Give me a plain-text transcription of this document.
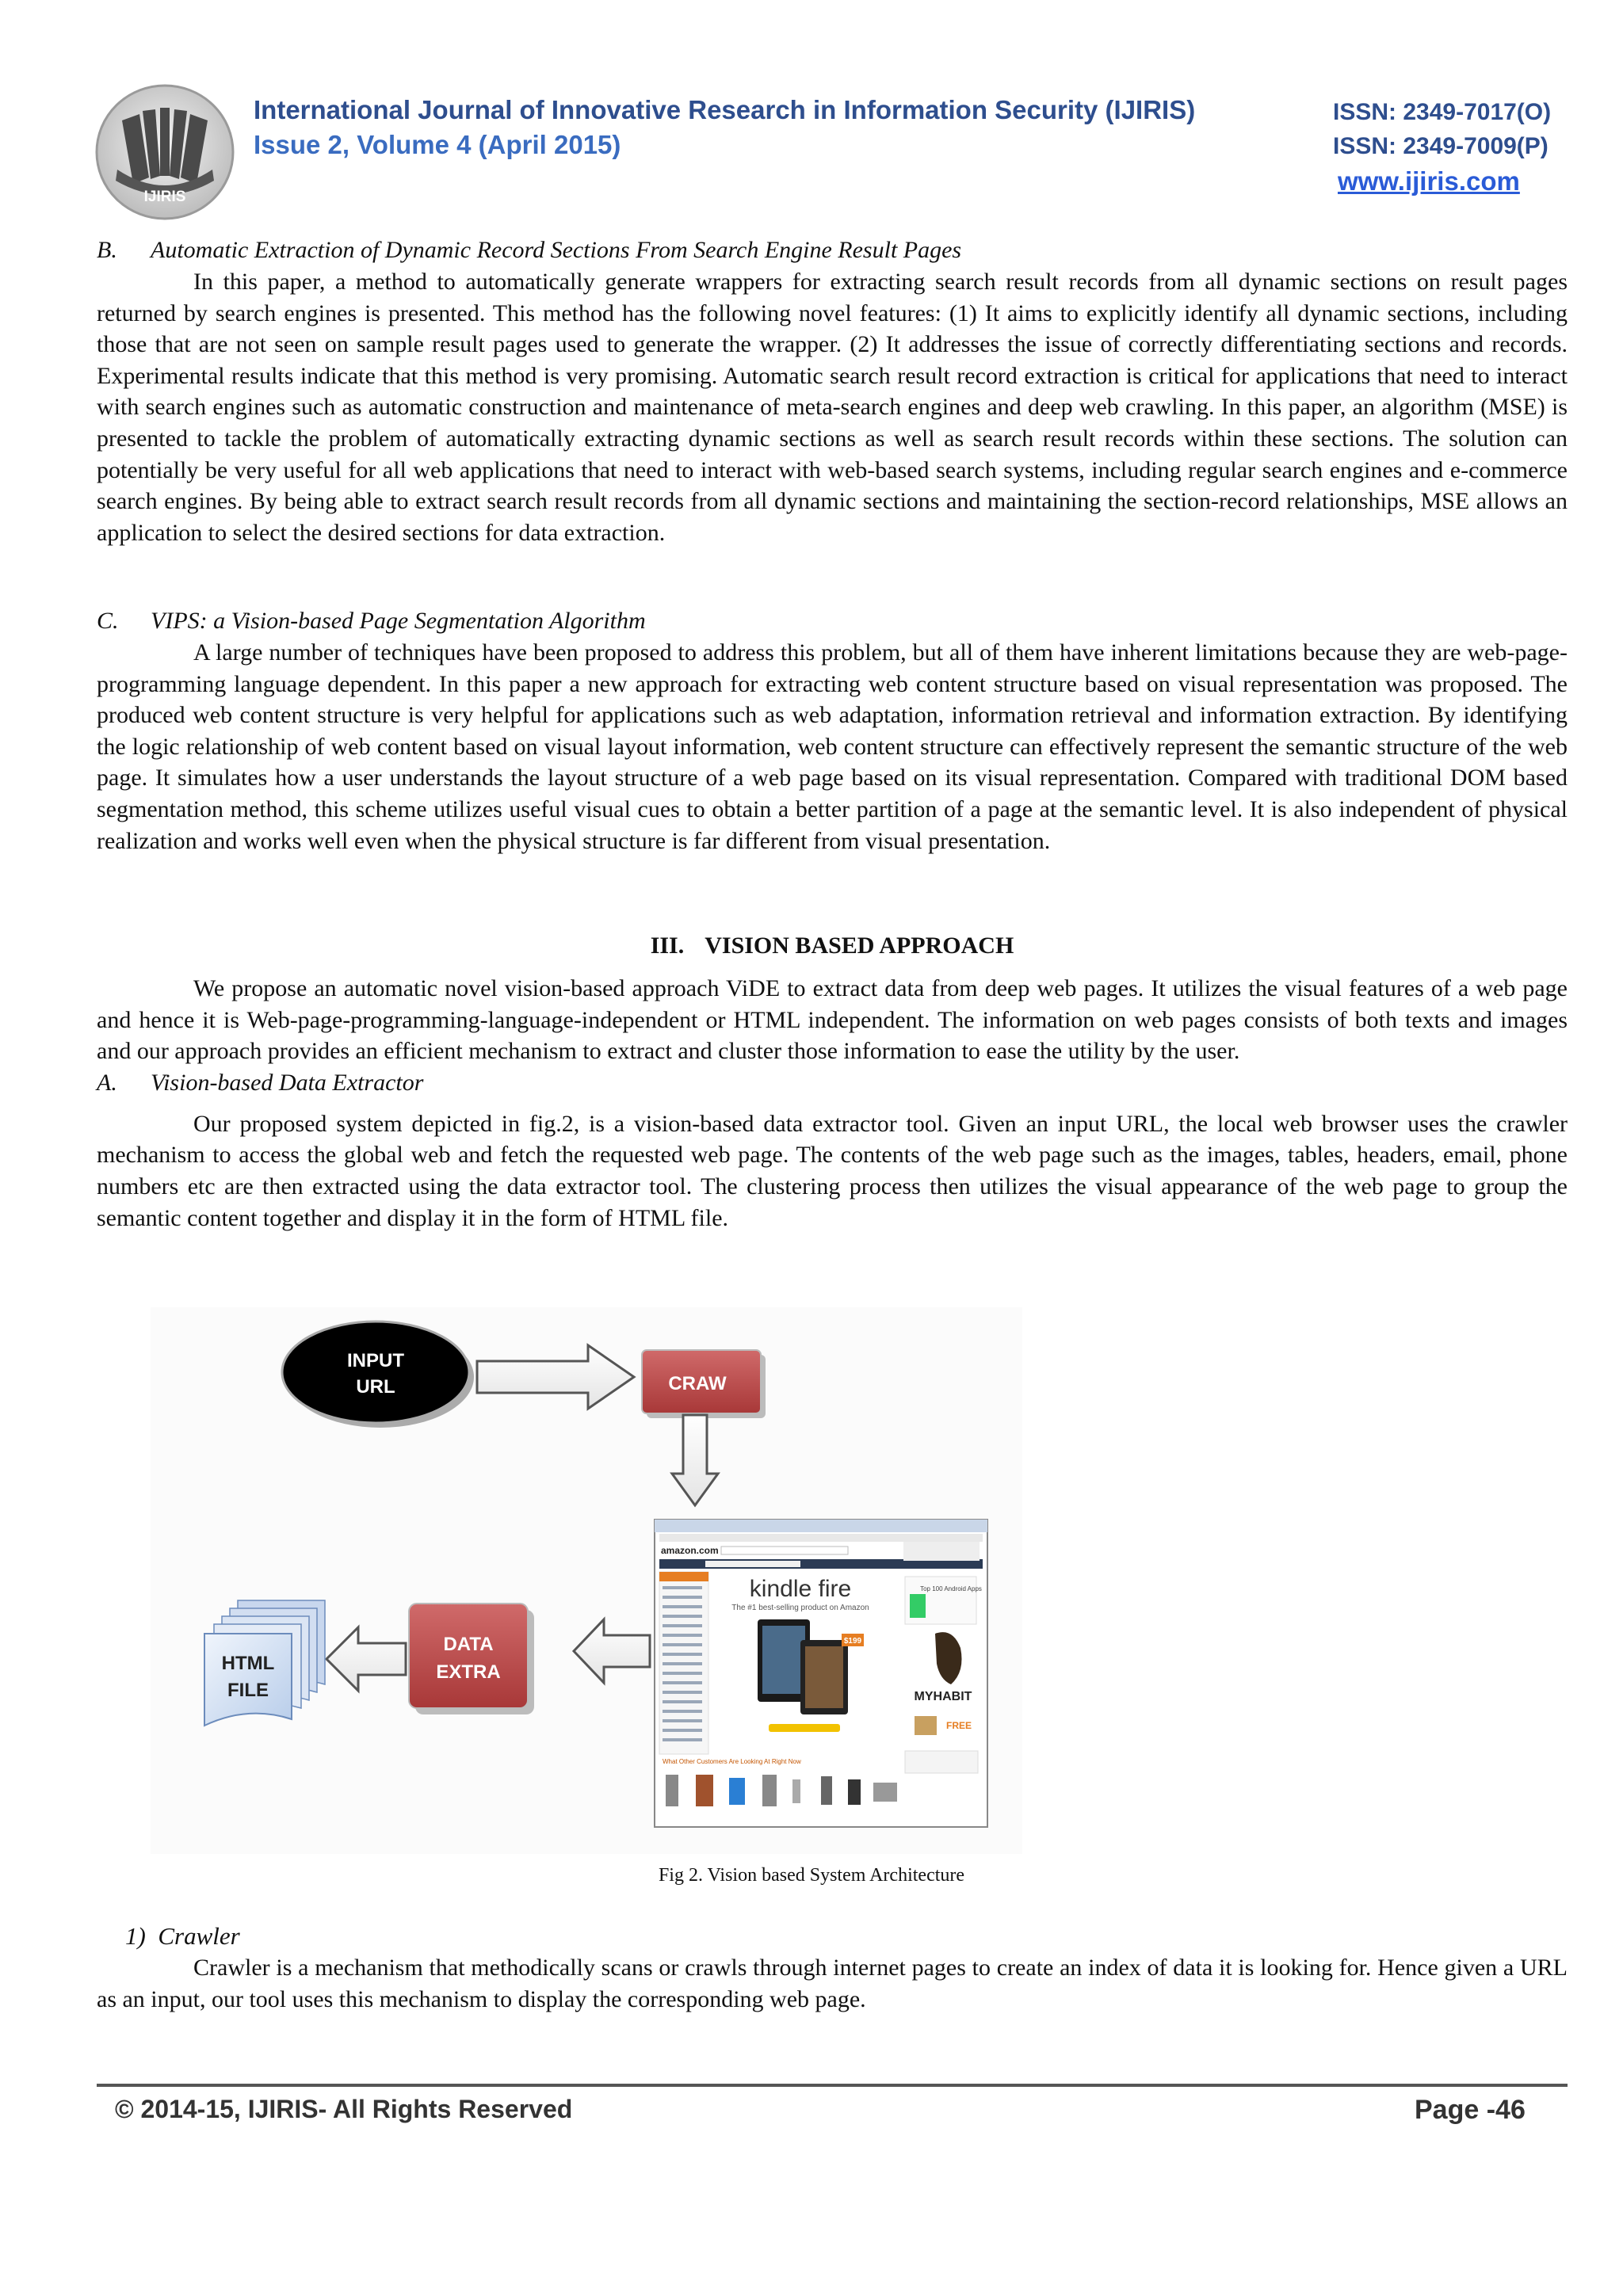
IJIRIS
International Journal of Innovative Research in Information Security (IJIRIS)
Issue 2, Volume 4 (April 2015)
ISSN: 2349-7017(O)
ISSN: 2349-7009(P)
www.ijiris.com

B. Automatic Extraction of Dynamic Record Sections From Search Engine Result Pages

In this paper, a method to automatically generate wrappers for extracting search result records from all dynamic sections on result pages returned by search engines is presented. This method has the following novel features: (1) It aims to explicitly identify all dynamic sections, including those that are not seen on sample result pages used to generate the wrapper. (2) It addresses the issue of correctly differentiating sections and records. Experimental results indicate that this method is very promising. Automatic search result record extraction is critical for applications that need to interact with search engines such as automatic construction and maintenance of meta-search engines and deep web crawling. In this paper, an algorithm (MSE) is presented to tackle the problem of automatically extracting dynamic sections as well as search result records within these sections. The solution can potentially be very useful for all web applications that need to interact with web-based search systems, including regular search engines and e-commerce search engines. By being able to extract search result records from all dynamic sections and maintaining the section-record relationships, MSE allows an application to select the desired sections for data extraction.

C. VIPS: a Vision-based Page Segmentation Algorithm

A large number of techniques have been proposed to address this problem, but all of them have inherent limitations because they are web-page-programming language dependent. In this paper a new approach for extracting web content structure based on visual representation was proposed. The produced web content structure is very helpful for applications such as web adaptation, information retrieval and information extraction. By identifying the logic relationship of web content based on visual layout information, web content structure can effectively represent the semantic structure of the web page. It simulates how a user understands the layout structure of a web page based on its visual representation. Compared with traditional DOM based segmentation method, this scheme utilizes useful visual cues to obtain a better partition of a page at the semantic level. It is also independent of physical realization and works well even when the physical structure is far different from visual presentation.

III. VISION BASED APPROACH

We propose an automatic novel vision-based approach ViDE to extract data from deep web pages. It utilizes the visual features of a web page and hence it is Web-page-programming-language-independent or HTML independent. The information on web pages consists of both texts and images and our approach provides an efficient mechanism to extract and cluster those information to ease the utility by the user.

A. Vision-based Data Extractor

Our proposed system depicted in fig.2, is a vision-based data extractor tool. Given an input URL, the local web browser uses the crawler mechanism to access the global web and fetch the requested web page. The contents of the web page such as the images, tables, headers, email, phone numbers etc are then extracted using the data extractor tool. The clustering process then utilizes the visual appearance of the web page to group the semantic content together and display it in the form of HTML file.

INPUT
URL	CRAW
amazon.com
kindle fire
The #1 best-selling product on Amazon
$199
Top 100 Android Apps
MYHABIT
FREE
What Other Customers Are Looking At Right Now
DATA
EXTRA
HTML
FILE
Fig 2. Vision based System Architecture
1) Crawler

Crawler is a mechanism that methodically scans or crawls through internet pages to create an index of data it is looking for. Hence given a URL as an input, our tool uses this mechanism to display the corresponding web page.

© 2014-15, IJIRIS- All Rights Reserved	Page -46
